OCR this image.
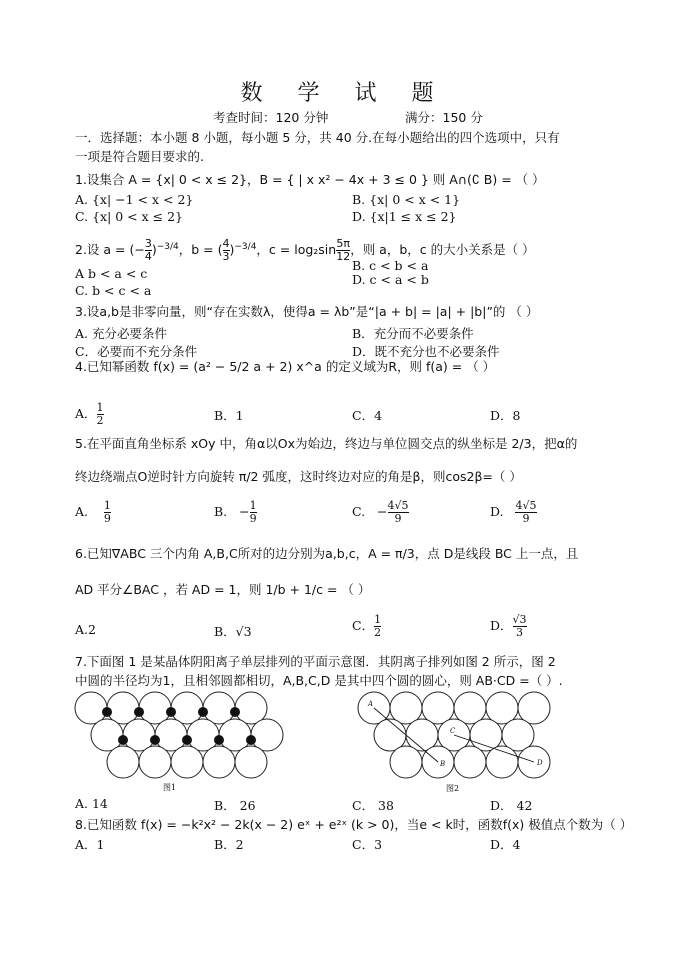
数 学 试 题
考查时间：120 分钟	满分：150 分
一．选择题：本小题 8 小题，每小题 5 分，共 40 分.在每小题给出的四个选项中，只有
一项是符合题目要求的.
1.设集合 A = {x| 0 < x ≤ 2}，B = { | x x² − 4x + 3 ≤ 0 } 则 A∩(∁ B) = （ ）
A. {x| −1 < x < 2}	B. {x| 0 < x < 1}
C. {x| 0 < x ≤ 2}	D. {x|1 ≤ x ≤ 2}
2.设 a = (− $\frac{3}{4} )^{-3/4}$，b = ( $\frac{4}{3} )^{-3/4}$，$c = \log_2\sin \frac{5\pi}{12}$ ，则 a，b，c 的大小关系是（ ）
A b < a < c
B. c < b < a
D. c < a < b
C. b < c < a
3.设a,b是非零向量，则“存在实数λ，使得a = λb”是“|a + b| = |a| + |b|”的 （ ）
A. 充分必要条件	B．充分而不必要条件
C．必要而不充分条件	D．既不充分也不必要条件
4.已知幂函数 f(x) = (a² − 5/2 a + 2) x^a 的定义域为R，则 f(a) = （ ）
A． $\frac{1}{2}$	B．1	C．4	D．8
5.在平面直角坐标系 xOy 中，角α以Ox为始边，终边与单位圆交点的纵坐标是 2/3，把α的
终边绕端点O逆时针方向旋转 π/2 弧度，这时终边对应的角是β，则cos2β=（ ）
A. $\frac{1}{9}$	B.   − $\frac{1}{9}$	C.   − $\frac{4√5}{9}$	D. $\frac{4√5}{9}$
6.已知∇ABC 三个内角 A,B,C所对的边分别为a,b,c，A = π/3，点 D是线段 BC 上一点，且
AD 平分∠BAC ，若 AD = 1，则 1/b + 1/c = （ ）
A.2	B．√3	C． $\frac{1}{2}$	D． $\frac{√3}{3}$
7.下面图 1 是某晶体阴阳离子单层排列的平面示意图．其阴离子排列如图 2 所示，图 2
中圆的半径均为1，且相邻圆都相切，A,B,C,D 是其中四个圆的圆心，则 AB·CD =（ ）.
图1
A
B
C
D
图2
A. 14	B． 26	C． 38	D． 42
8.已知函数 f(x) = −k²x² − 2k(x − 2) eˣ + e²ˣ (k > 0)，当e < k时，函数f(x) 极值点个数为（ ）
A．1	B．2	C．3	D．4
